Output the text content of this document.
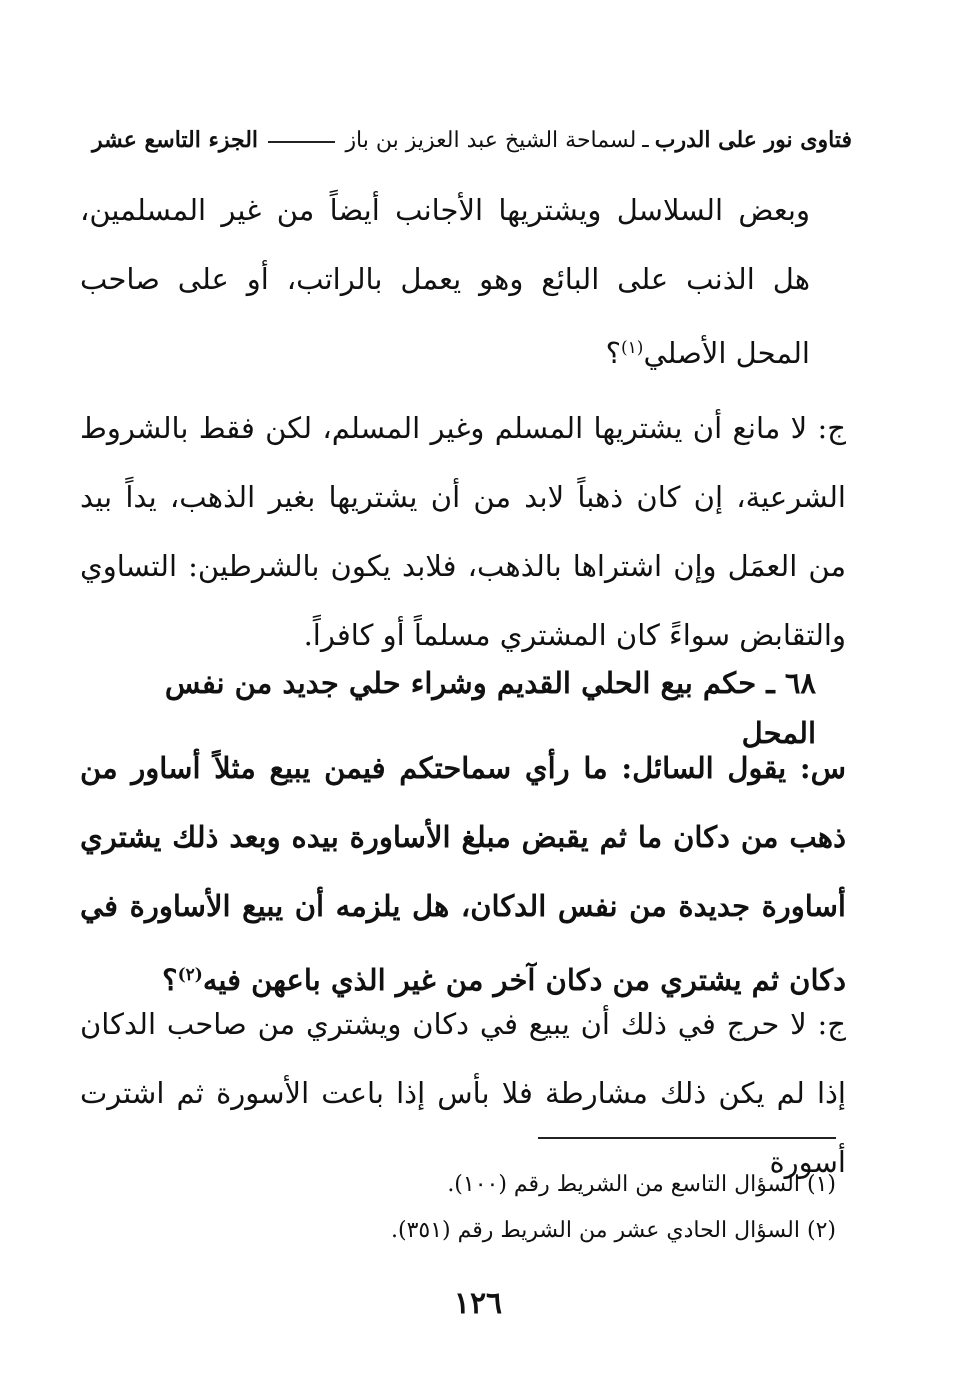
فتاوى نور على الدرب
ـ
لسماحة الشيخ عبد العزيز بن باز
الجزء التاسع عشر
وبعض السلاسل ويشتريها الأجانب أيضاً من غير المسلمين، هل الذنب على البائع وهو يعمل بالراتب، أو على صاحب المحل الأصلي$^{(١)}$؟
ج: لا مانع أن يشتريها المسلم وغير المسلم، لكن فقط بالشروط الشرعية، إن كان ذهباً لابد من أن يشتريها بغير الذهب، يداً بيد من العمَل وإن اشتراها بالذهب، فلابد يكون بالشرطين: التساوي والتقابض سواءً كان المشتري مسلماً أو كافراً.
٦٨ ـ حكم بيع الحلي القديم وشراء حلي جديد من نفس المحل
س: يقول السائل: ما رأي سماحتكم فيمن يبيع مثلاً أساور من ذهب من دكان ما ثم يقبض مبلغ الأساورة بيده وبعد ذلك يشتري أساورة جديدة من نفس الدكان، هل يلزمه أن يبيع الأساورة في دكان ثم يشتري من دكان آخر من غير الذي باعهن فيه$^{(٢)}$؟
ج: لا حرج في ذلك أن يبيع في دكان ويشتري من صاحب الدكان إذا لم يكن ذلك مشارطة فلا بأس إذا باعت الأسورة ثم اشترت أسورة
(١) السؤال التاسع من الشريط رقم (١٠٠).
(٢) السؤال الحادي عشر من الشريط رقم (٣٥١).
١٢٦
